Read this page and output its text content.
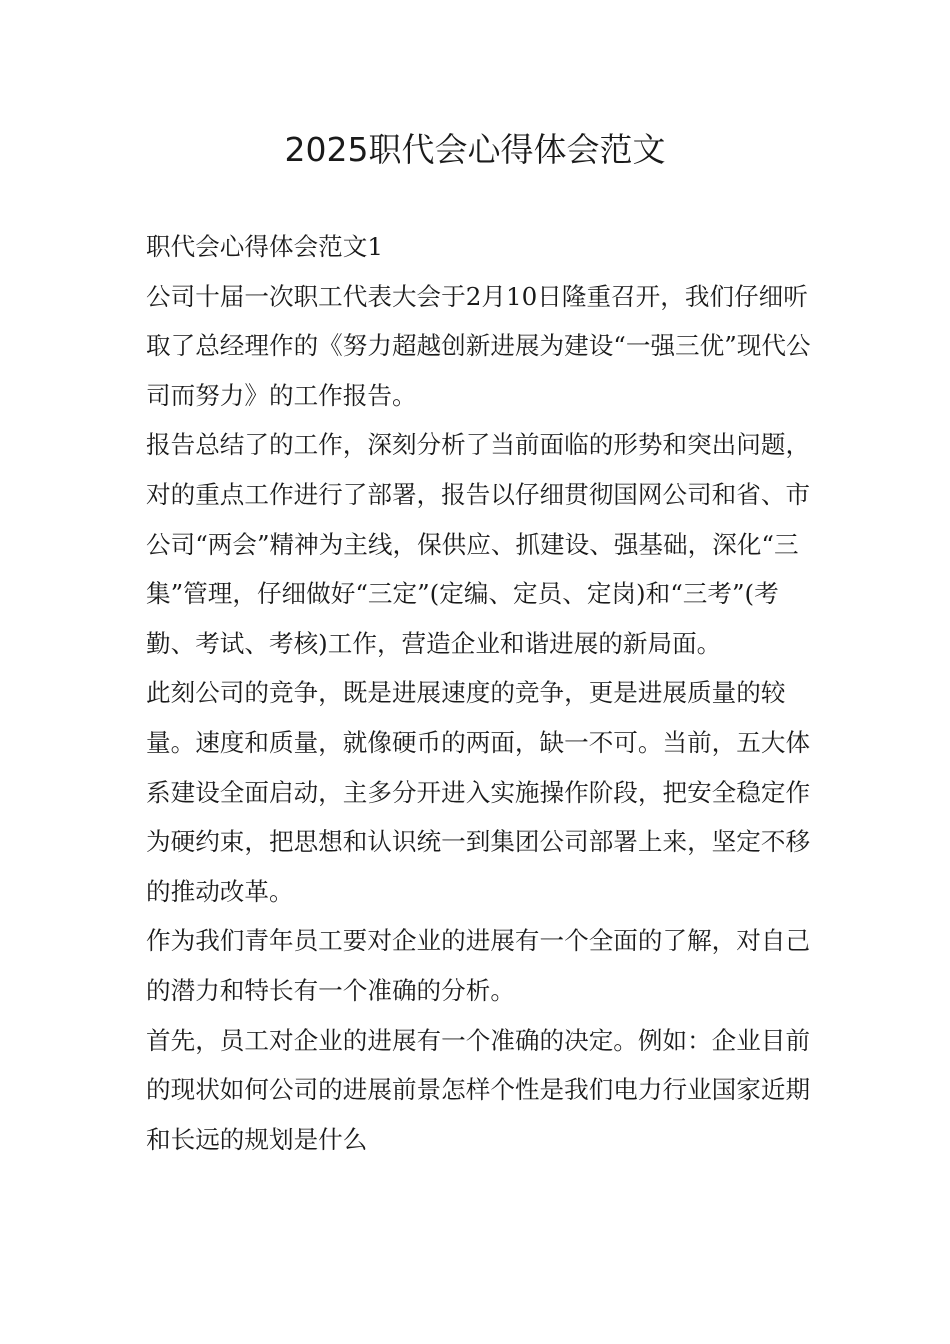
2025职代会心得体会范文

职代会心得体会范文1

公司十届一次职工代表大会于2月10日隆重召开，我们仔细听取了总经理作的《努力超越创新进展为建设“一强三优”现代公司而努力》的工作报告。

报告总结了的工作，深刻分析了当前面临的形势和突出问题，对的重点工作进行了部署，报告以仔细贯彻国网公司和省、市公司“两会”精神为主线，保供应、抓建设、强基础，深化“三集”管理，仔细做好“三定”(定编、定员、定岗)和“三考”(考勤、考试、考核)工作，营造企业和谐进展的新局面。

此刻公司的竞争，既是进展速度的竞争，更是进展质量的较量。速度和质量，就像硬币的两面，缺一不可。当前，五大体系建设全面启动，主多分开进入实施操作阶段，把安全稳定作为硬约束，把思想和认识统一到集团公司部署上来，坚定不移的推动改革。

作为我们青年员工要对企业的进展有一个全面的了解，对自己的潜力和特长有一个准确的分析。

首先，员工对企业的进展有一个准确的决定。例如：企业目前的现状如何公司的进展前景怎样个性是我们电力行业国家近期和长远的规划是什么
